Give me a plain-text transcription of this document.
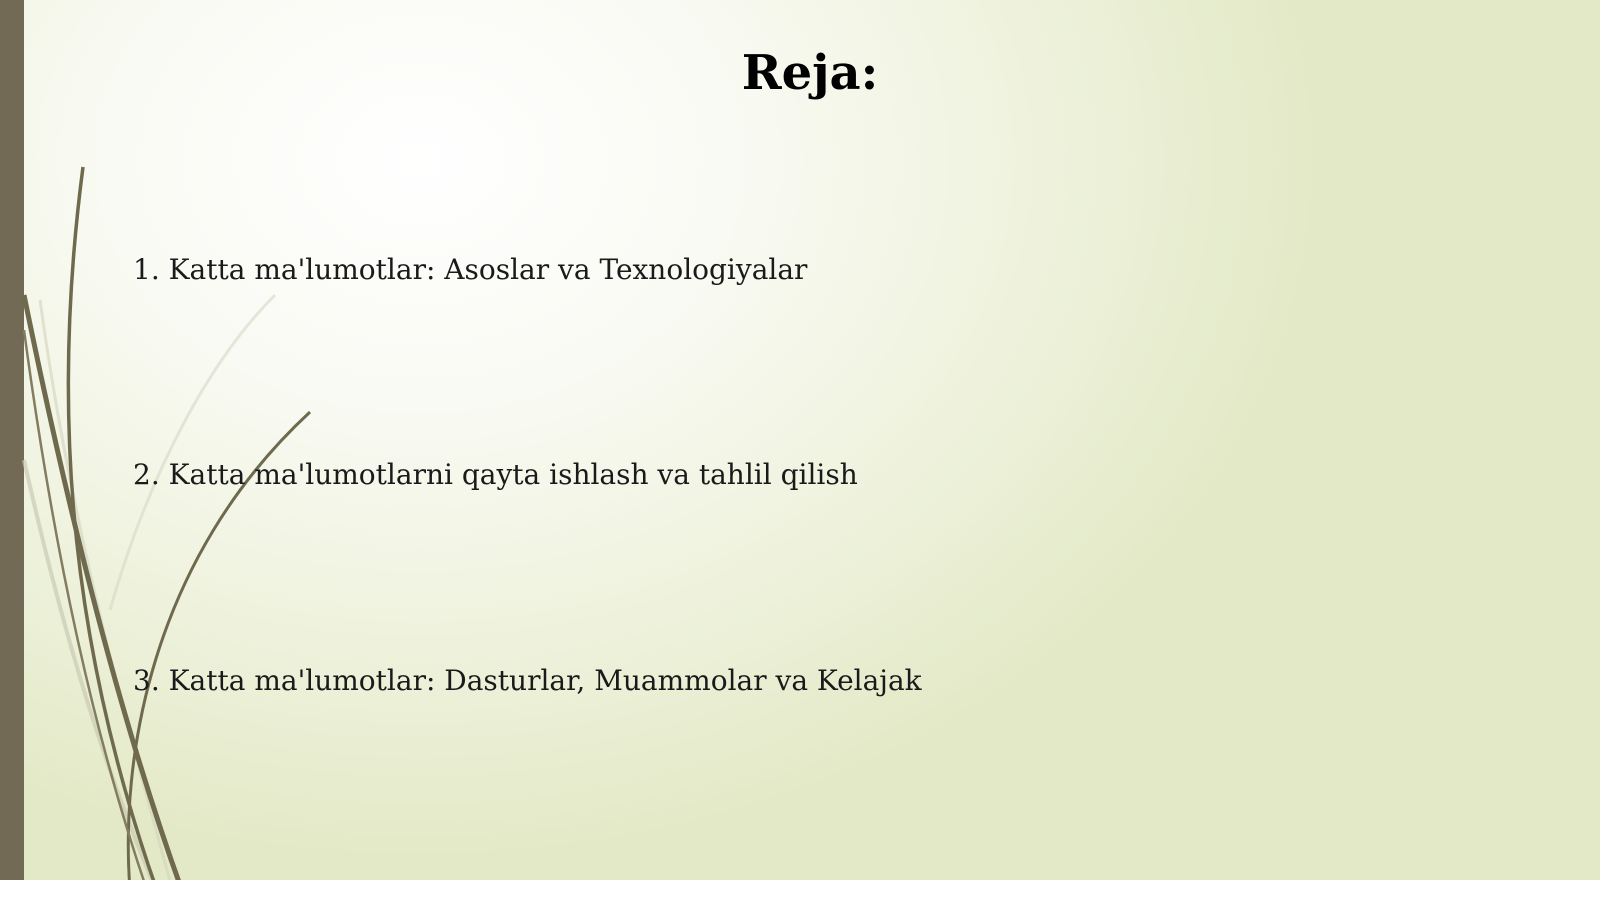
Reja:
1. Katta ma'lumotlar: Asoslar va Texnologiyalar
2. Katta ma'lumotlarni qayta ishlash va tahlil qilish
3. Katta ma'lumotlar: Dasturlar, Muammolar va Kelajak
